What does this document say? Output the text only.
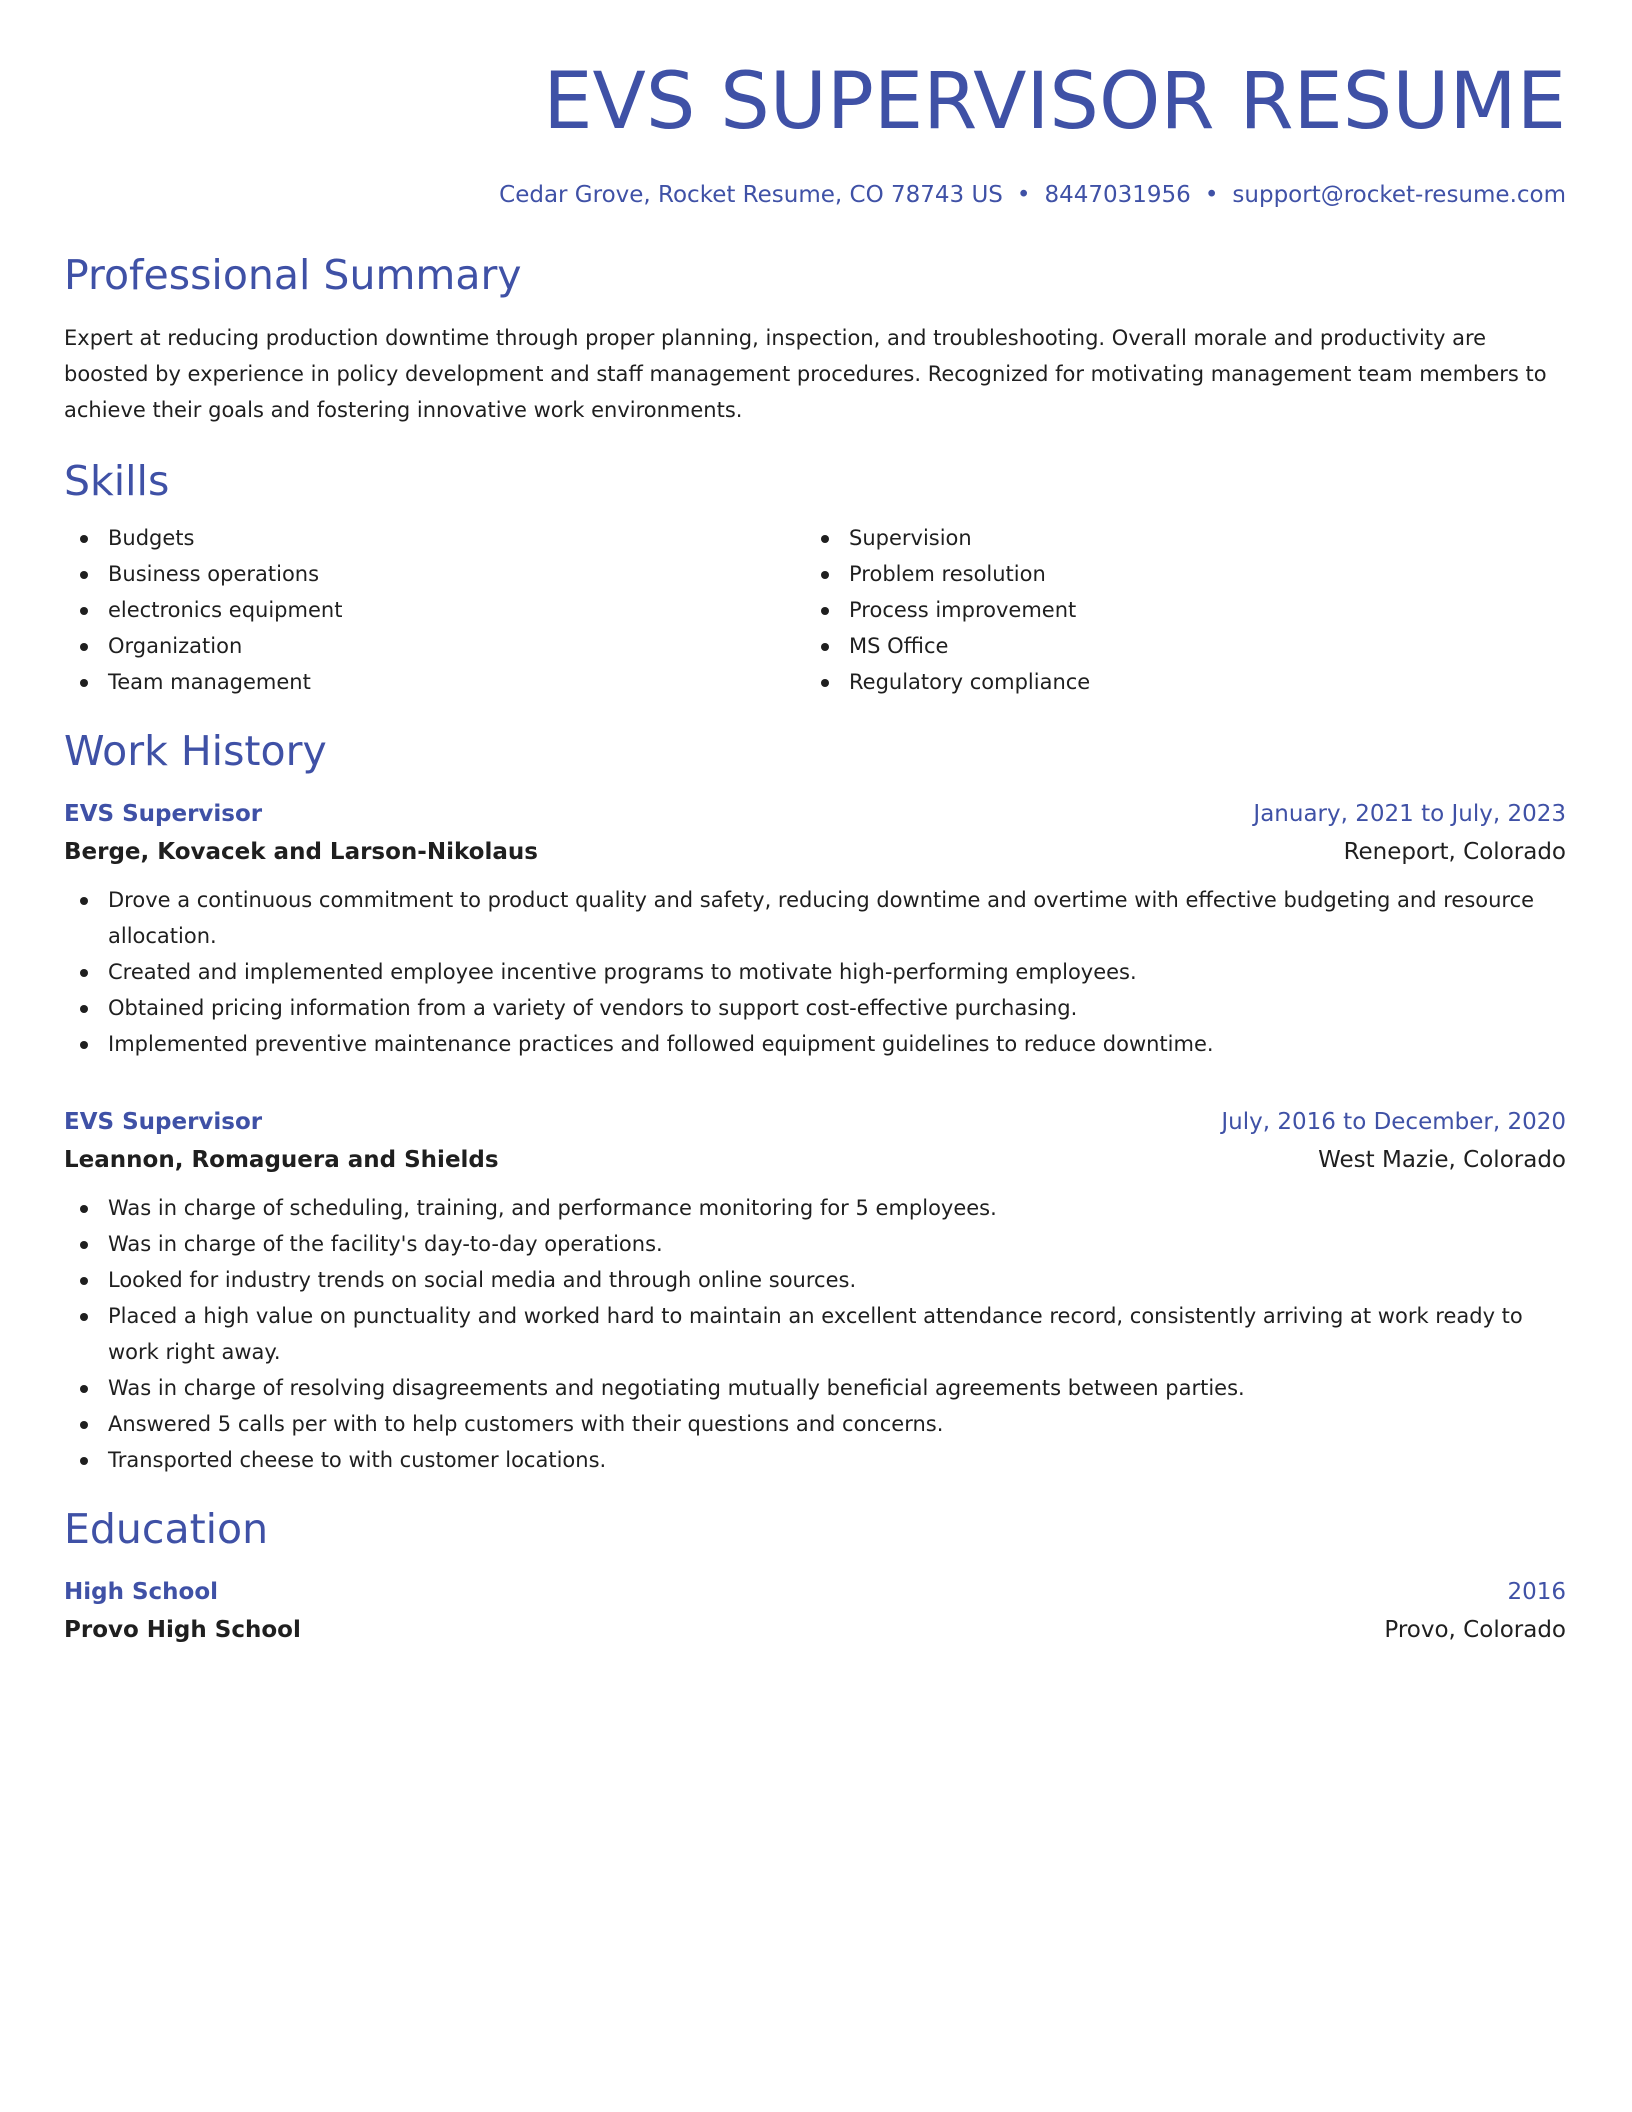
EVS SUPERVISOR RESUME
Cedar Grove, Rocket Resume, CO 78743 US • 8447031956 • support@rocket-resume.com
Professional Summary

Expert at reducing production downtime through proper planning, inspection, and troubleshooting. Overall morale and productivity are boosted by experience in policy development and staff management procedures. Recognized for motivating management team members to achieve their goals and fostering innovative work environments.

Skills
Budgets
Business operations
electronics equipment
Organization
Team management
Supervision
Problem resolution
Process improvement
MS Office
Regulatory compliance
Work History
EVS Supervisor	January, 2021 to July, 2023
Berge, Kovacek and Larson-Nikolaus	Reneport, Colorado
Drove a continuous commitment to product quality and safety, reducing downtime and overtime with effective budgeting and resource allocation.
Created and implemented employee incentive programs to motivate high-performing employees.
Obtained pricing information from a variety of vendors to support cost-effective purchasing.
Implemented preventive maintenance practices and followed equipment guidelines to reduce downtime.
EVS Supervisor	July, 2016 to December, 2020
Leannon, Romaguera and Shields	West Mazie, Colorado
Was in charge of scheduling, training, and performance monitoring for 5 employees.
Was in charge of the facility's day-to-day operations.
Looked for industry trends on social media and through online sources.
Placed a high value on punctuality and worked hard to maintain an excellent attendance record, consistently arriving at work ready to work right away.
Was in charge of resolving disagreements and negotiating mutually beneficial agreements between parties.
Answered 5 calls per with to help customers with their questions and concerns.
Transported cheese to with customer locations.
Education
High School	2016
Provo High School	Provo, Colorado
